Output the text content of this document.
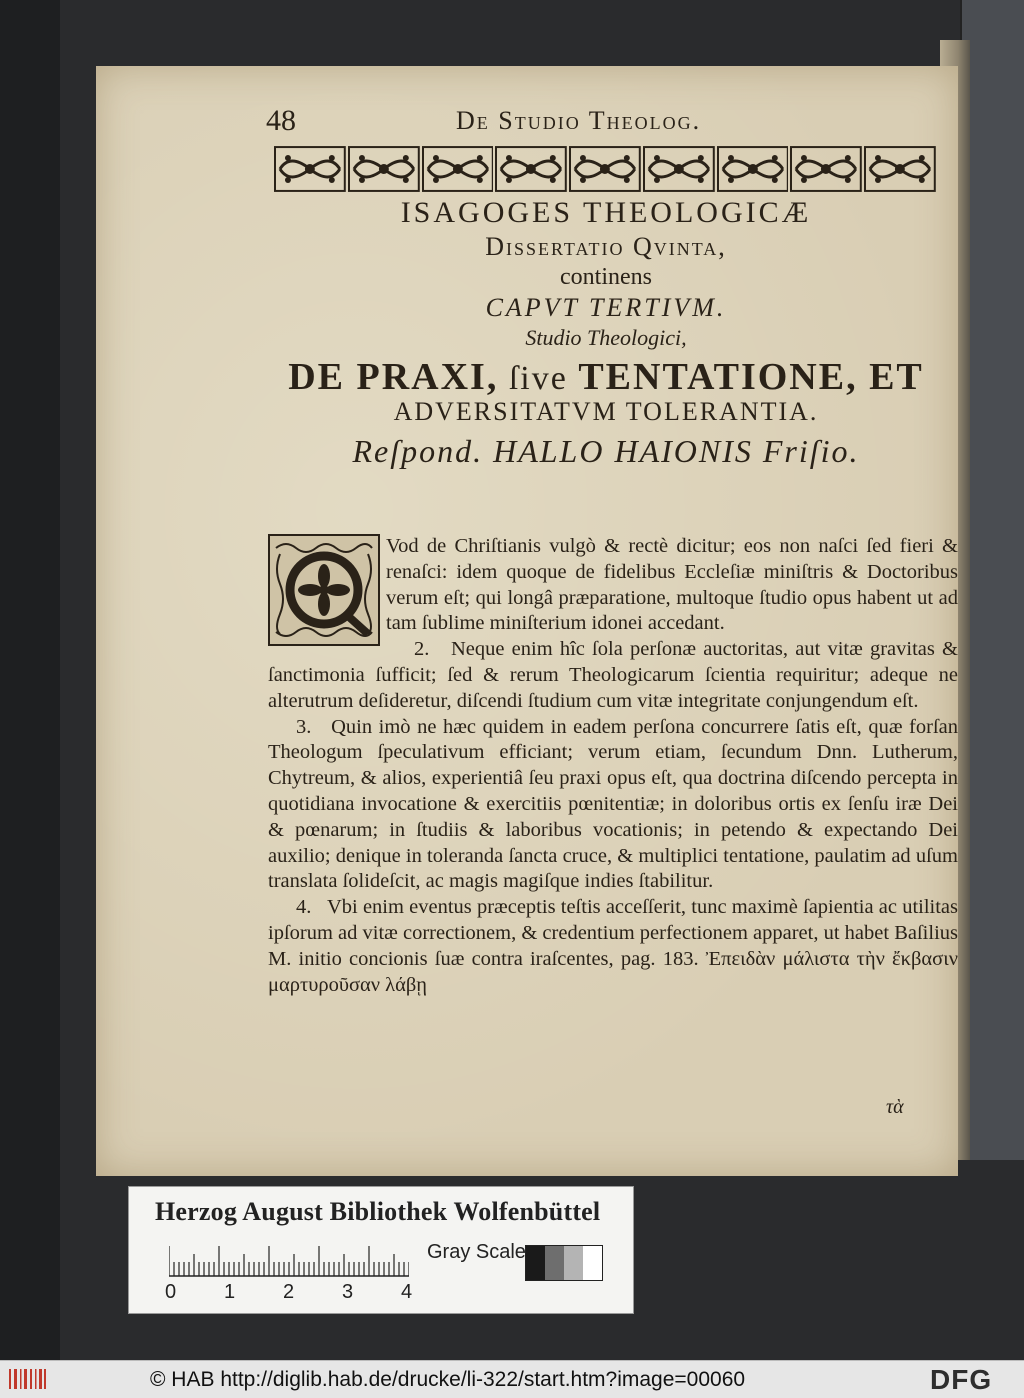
48	De Studio Theolog.
ISAGOGES THEOLOGICÆ
Dissertatio Qvinta,
continens
CAPVT TERTIVM.
Studio Theologici,
DE PRAXI, ſive TENTATIONE, ET
ADVERSITATVM TOLERANTIA.
Reſpond. HALLO HAIONIS Friſio.

Vod de Chriſtianis vulgò & rectè dicitur; eos non naſci ſed fieri & renaſci: idem quoque de fidelibus Eccleſiæ miniſtris & Doctoribus verum eſt; qui longâ præparatione, multoque ſtudio opus habent ut ad tam ſublime miniſterium idonei accedant.

2. Neque enim hîc ſola perſonæ auctoritas, aut vitæ gravitas & ſanctimonia ſufficit; ſed & rerum Theologicarum ſcientia requiritur; adeque ne alterutrum deſideretur, diſcendi ſtudium cum vitæ integritate conjungendum eſt.

3. Quin imò ne hæc quidem in eadem perſona concurrere ſatis eſt, quæ forſan Theologum ſpeculativum efficiant; verum etiam, ſecundum Dnn. Lutherum, Chytreum, & alios, experientiâ ſeu praxi opus eſt, qua doctrina diſcendo percepta in quotidiana invocatione & exercitiis pœnitentiæ; in doloribus ortis ex ſenſu iræ Dei & pœnarum; in ſtudiis & laboribus vocationis; in petendo & expectando Dei auxilio; denique in toleranda ſancta cruce, & multiplici tentatione, paulatim ad uſum translata ſolideſcit, ac magis magiſque indies ſtabilitur.

4. Vbi enim eventus præceptis teſtis acceſſerit, tunc maximè ſapientia ac utilitas ipſorum ad vitæ correctionem, & credentium perfectionem apparet, ut habet Baſilius M. initio concionis ſuæ contra iraſcentes, pag. 183. Ἐπειδὰν μάλιστα τὴν ἔκβασιν μαρτυροῦσαν λάβῃ

τὰ
Herzog August Bibliothek Wolfenbüttel
Gray Scale
0 1 2 3 4
© HAB http://diglib.hab.de/drucke/li-322/start.htm?image=00060	DFG
